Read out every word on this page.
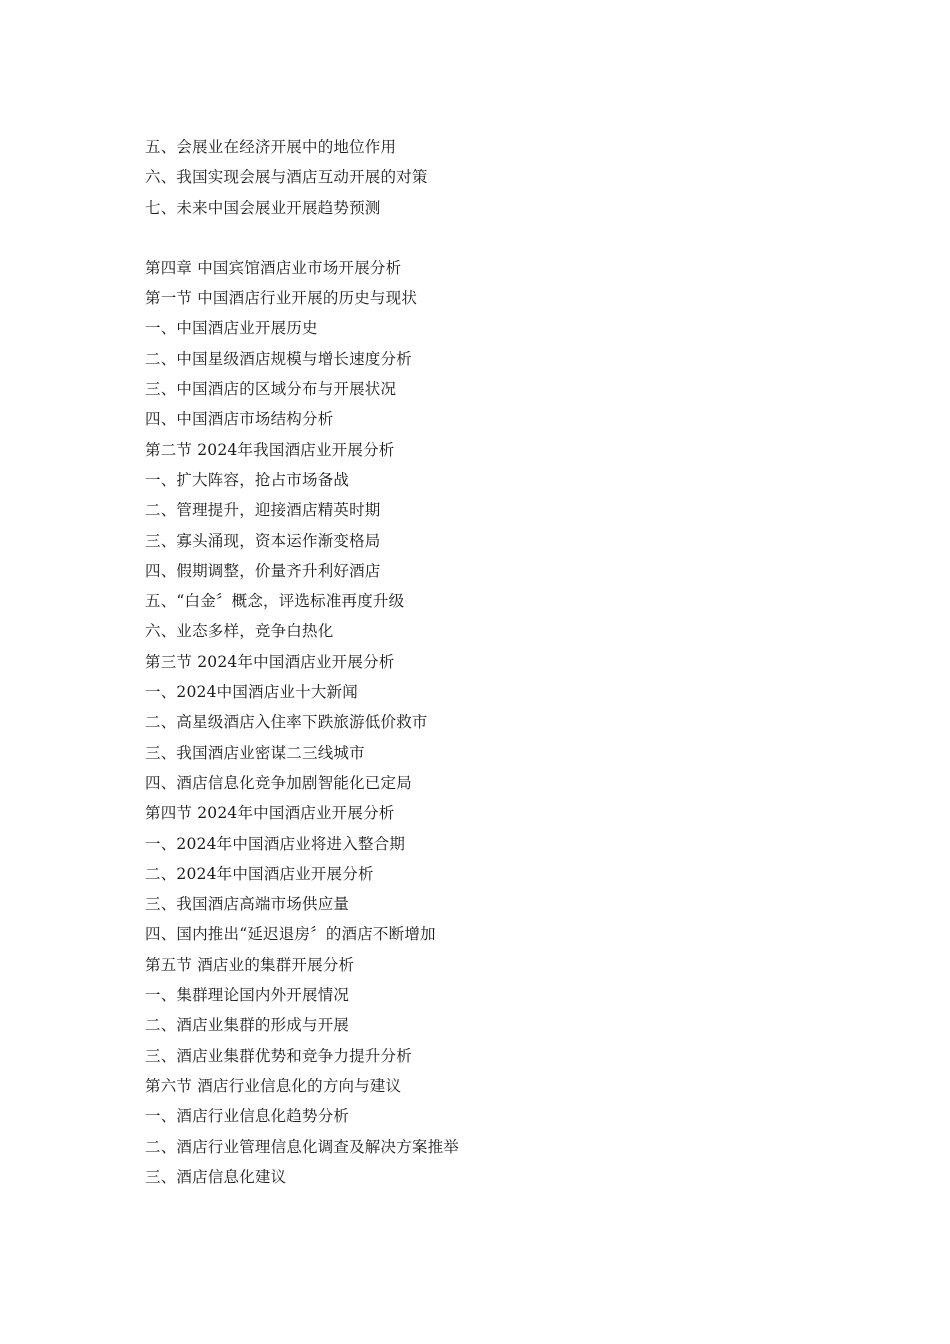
五、会展业在经济开展中的地位作用
六、我国实现会展与酒店互动开展的对策
七、未来中国会展业开展趋势预测
第四章 中国宾馆酒店业市场开展分析
第一节 中国酒店行业开展的历史与现状
一、中国酒店业开展历史
二、中国星级酒店规模与增长速度分析
三、中国酒店的区域分布与开展状况
四、中国酒店市场结构分析
第二节 2024年我国酒店业开展分析
一、扩大阵容，抢占市场备战
二、管理提升，迎接酒店精英时期
三、寡头涌现，资本运作渐变格局
四、假期调整，价量齐升利好酒店
五、“白金〞概念，评选标准再度升级
六、业态多样，竞争白热化
第三节 2024年中国酒店业开展分析
一、2024中国酒店业十大新闻
二、高星级酒店入住率下跌旅游低价救市
三、我国酒店业密谋二三线城市
四、酒店信息化竞争加剧智能化已定局
第四节 2024年中国酒店业开展分析
一、2024年中国酒店业将进入整合期
二、2024年中国酒店业开展分析
三、我国酒店高端市场供应量
四、国内推出“延迟退房〞的酒店不断增加
第五节 酒店业的集群开展分析
一、集群理论国内外开展情况
二、酒店业集群的形成与开展
三、酒店业集群优势和竞争力提升分析
第六节 酒店行业信息化的方向与建议
一、酒店行业信息化趋势分析
二、酒店行业管理信息化调查及解决方案推举
三、酒店信息化建议
